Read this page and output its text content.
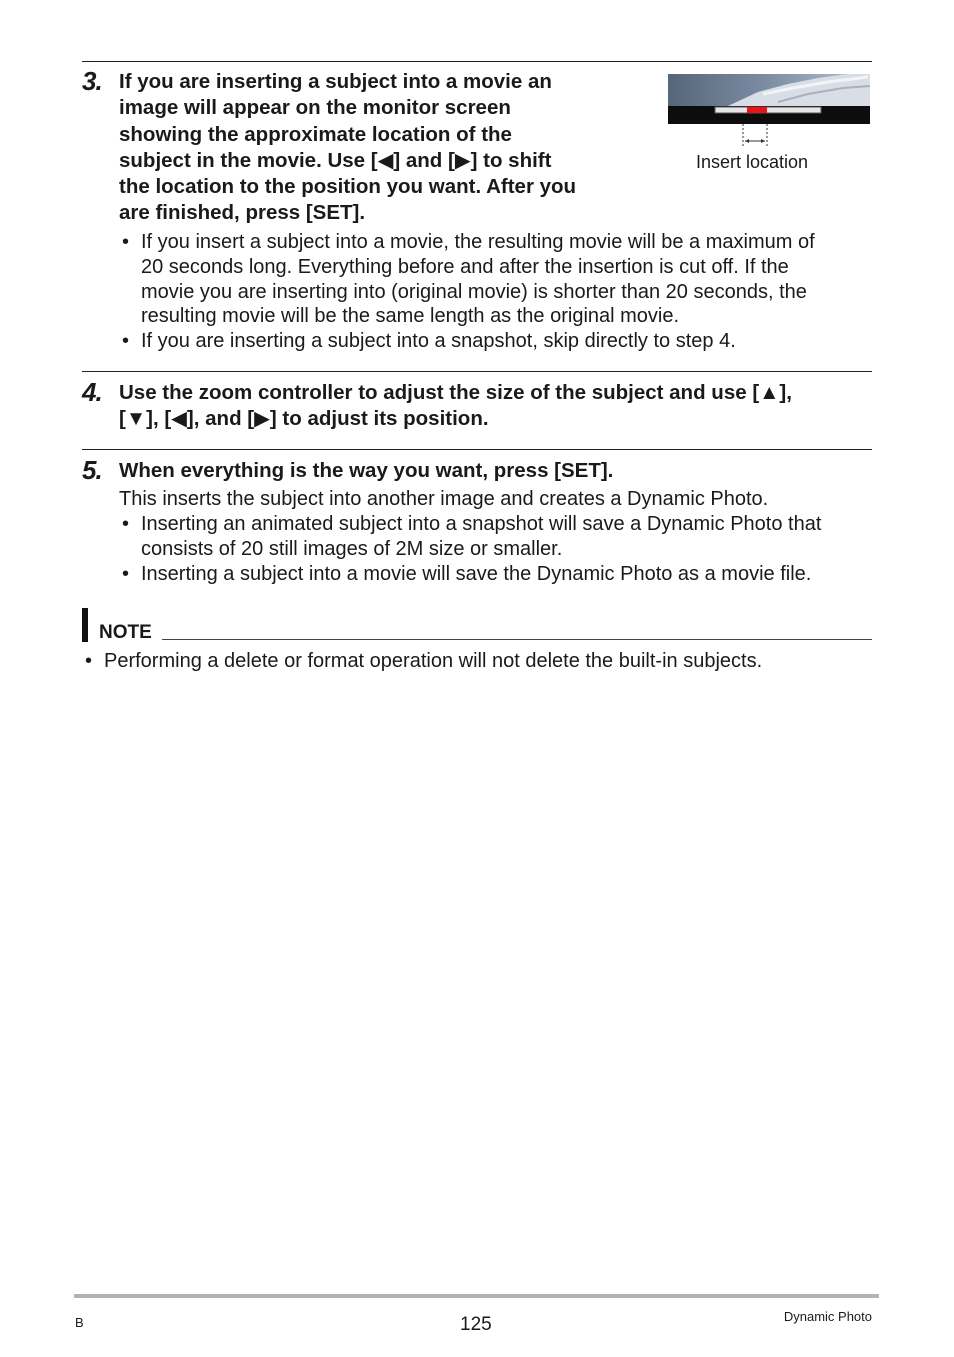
3. If you are inserting a subject into a movie an
image will appear on the monitor screen
showing the approximate location of the
subject in the movie. Use [◀] and [▶] to shift
the location to the position you want. After you
are finished, press [SET].
Insert location
• If you insert a subject into a movie, the resulting movie will be a maximum of
20 seconds long. Everything before and after the insertion is cut off. If the
movie you are inserting into (original movie) is shorter than 20 seconds, the
resulting movie will be the same length as the original movie.
• If you are inserting a subject into a snapshot, skip directly to step 4.
4. Use the zoom controller to adjust the size of the subject and use [▲],
[▼], [◀], and [▶] to adjust its position.
5. When everything is the way you want, press [SET].

This inserts the subject into another image and creates a Dynamic Photo.

• Inserting an animated subject into a snapshot will save a Dynamic Photo that
consists of 20 still images of 2M size or smaller.
• Inserting a subject into a movie will save the Dynamic Photo as a movie file.
NOTE
• Performing a delete or format operation will not delete the built-in subjects.
B	125	Dynamic Photo
